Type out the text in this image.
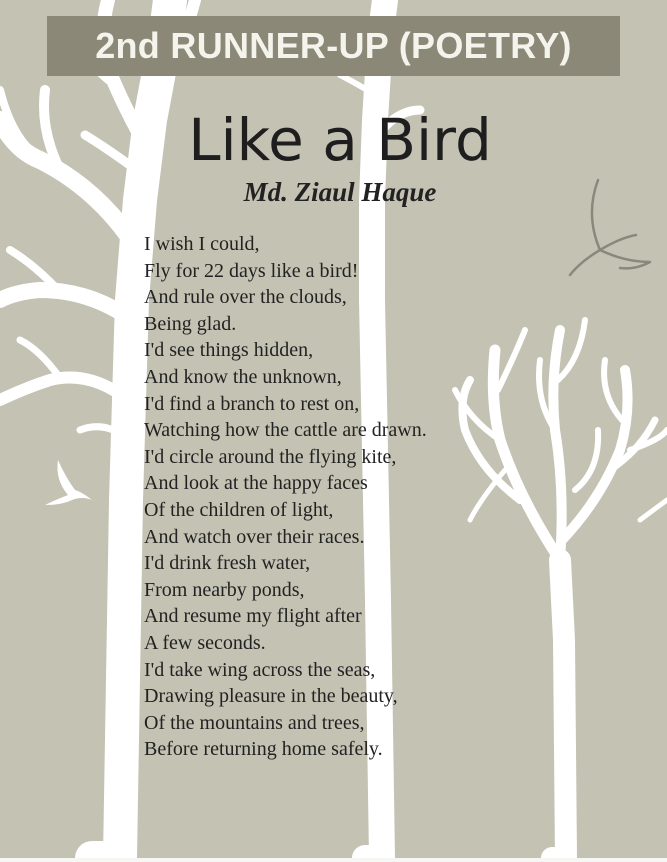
2nd RUNNER-UP (POETRY)
Like a Bird
Md. Ziaul Haque
I wish I could,
Fly for 22 days like a bird!
And rule over the clouds,
Being glad.
I'd see things hidden,
And know the unknown,
I'd find a branch to rest on,
Watching how the cattle are drawn.
I'd circle around the flying kite,
And look at the happy faces
Of the children of light,
And watch over their races.
I'd drink fresh water,
From nearby ponds,
And resume my flight after
A few seconds.
I'd take wing across the seas,
Drawing pleasure in the beauty,
Of the mountains and trees,
Before returning home safely.
